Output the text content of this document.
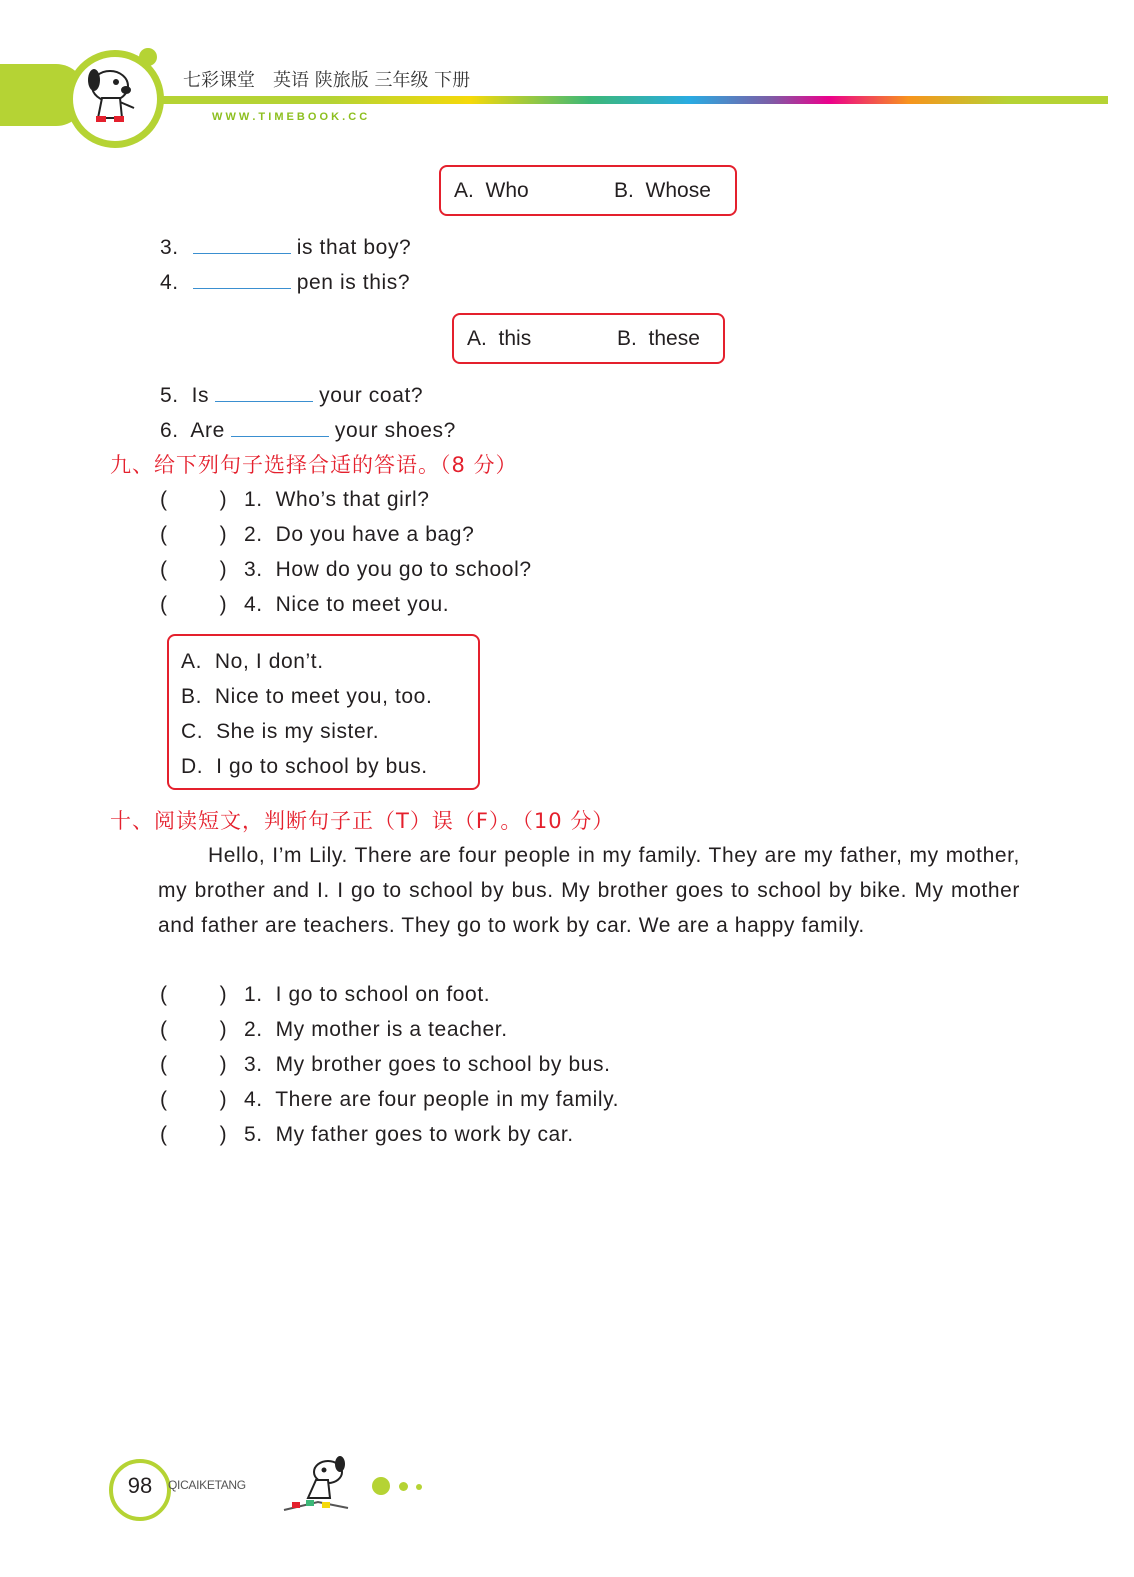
七彩课堂　英语 陕旅版 三年级 下册
W W W . T I M E B O O K . C C
A.  Who	B.  Whose
3.	is that boy?
4.	pen is this?
A.  this	B.  these
5.  Is	your coat?
6.  Are	your shoes?
九、给下列句子选择合适的答语。（8 分）
( ) 1.  Who’s that girl?
( ) 2.  Do you have a bag?
( ) 3.  How do you go to school?
( ) 4.  Nice to meet you.
A.  No, I don’t.
B.  Nice to meet you, too.
C.  She is my sister.
D.  I go to school by bus.
十、阅读短文，判断句子正（T）误（F）。（10 分）
Hello, I’m Lily. There are four people in my family. They are my father, my mother, my brother and I. I go to school by bus. My brother goes to school by bike. My mother and father are teachers. They go to work by car. We are a happy family.
( ) 1.  I go to school on foot.
( ) 2.  My mother is a teacher.
( ) 3.  My brother goes to school by bus.
( ) 4.  There are four people in my family.
( ) 5.  My father goes to work by car.
98	QICAIKETANG
